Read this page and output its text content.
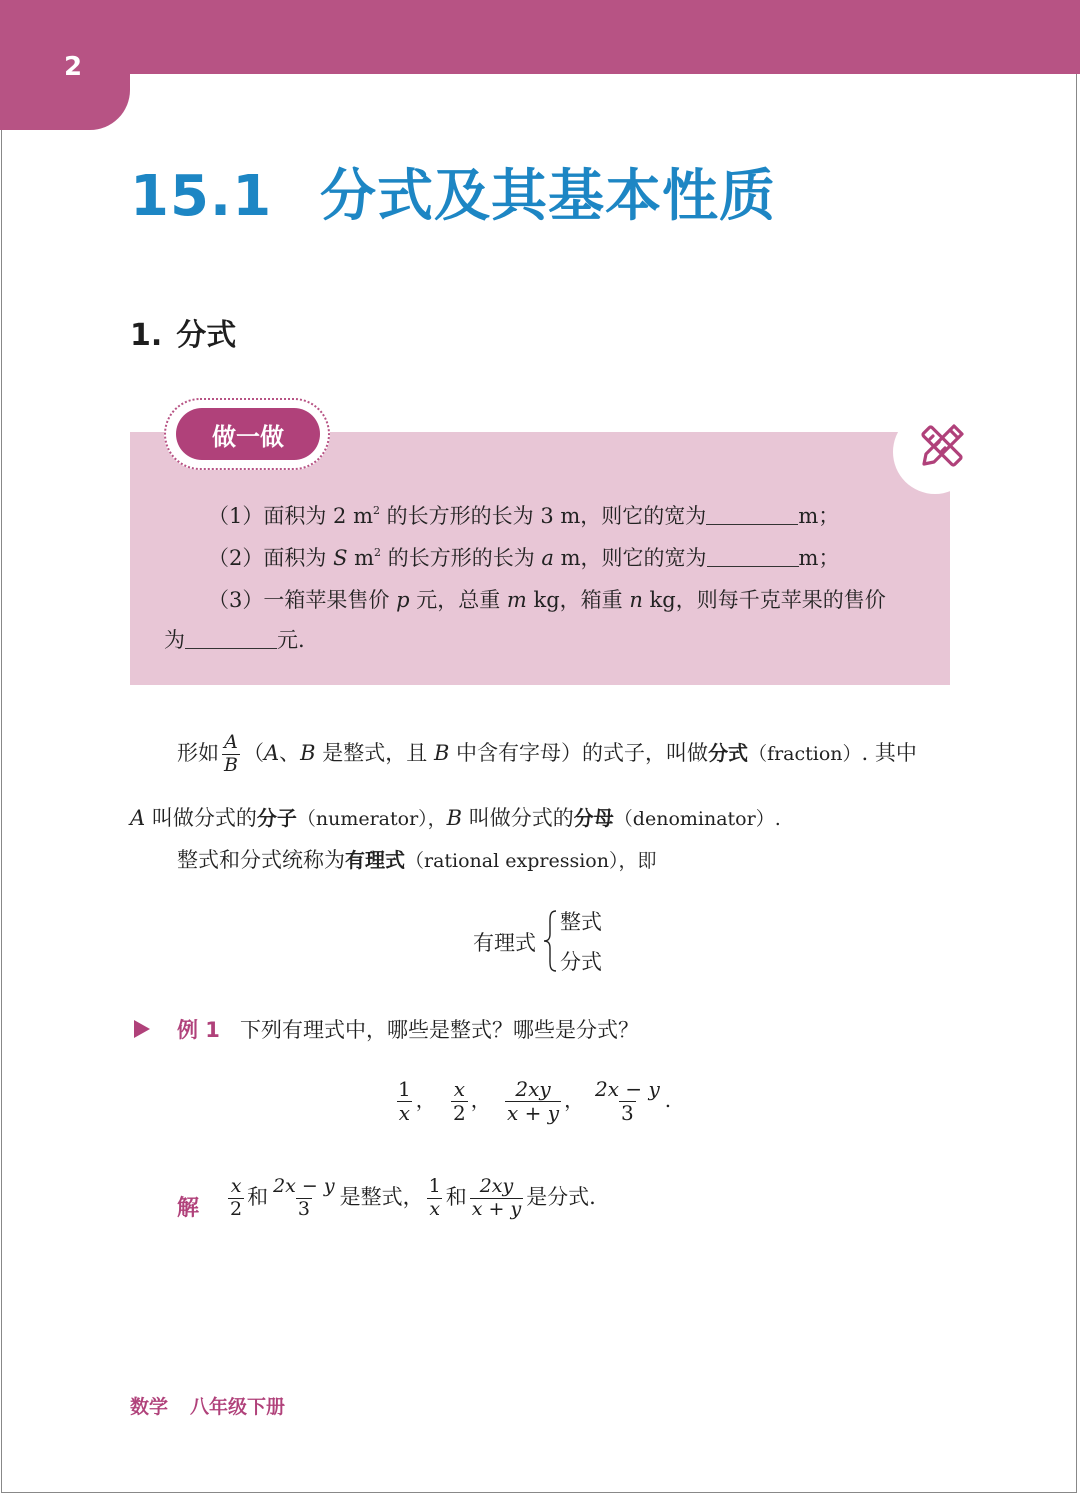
2
15.1 分式及其基本性质
1. 分式
做一做
（1）面积为 2 $m^2$ 的长方形的长为 3 m，则它的宽为	m；
（2）面积为 S $m^2$ 的长方形的长为 a m，则它的宽为	m；
（3）一箱苹果售价 p 元，总重 m kg，箱重 n kg，则每千克苹果的售价
为	元.
形如 $\frac{A}{B} (A$、B 是整式，且 B 中含有字母）的式子，叫做分式（fraction）. 其中
A 叫做分式的分子（numerator），B 叫做分式的分母（denominator）.
整式和分式统称为有理式（rational expression），即
有理式
整式
分式
例 1 下列有理式中，哪些是整式？哪些是分式？
$\frac{1}{x}$ ， $\frac{x}{2}$ ， $\frac{2xy}{x + y}$ ， $\frac{2x - y}{3}$ .
解 $\frac{x}{2}$ 和 $\frac{2x - y}{3}$ 是整式， $\frac{1}{x}$ 和 $\frac{2xy}{x + y}$ 是分式.
数学 八年级下册
